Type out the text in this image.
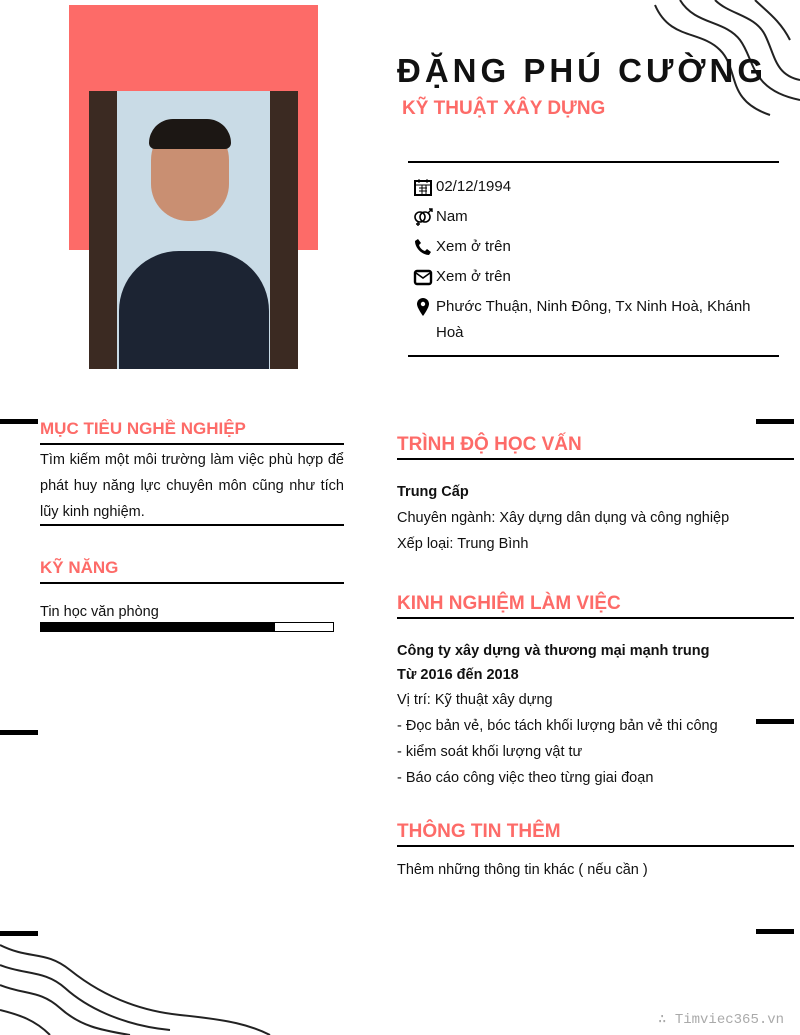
ĐẶNG PHÚ CƯỜNG
KỸ THUẬT XÂY DỰNG
02/12/1994
Nam
Xem ở trên
Xem ở trên
Phước Thuận, Ninh Đông, Tx Ninh Hoà, Khánh Hoà
MỤC TIÊU NGHỀ NGHIỆP
Tìm kiếm một môi trường làm việc phù hợp để phát huy năng lực chuyên môn cũng như tích lũy kinh nghiệm.
KỸ NĂNG
Tin học văn phòng
TRÌNH ĐỘ HỌC VẤN
Trung Cấp
Chuyên ngành: Xây dựng dân dụng và công nghiệp
Xếp loại: Trung Bình
KINH NGHIỆM LÀM VIỆC
Công ty xây dựng và thương mại mạnh trung
Từ 2016 đến 2018
Vị trí: Kỹ thuật xây dựng
- Đọc bản vẻ, bóc tách khối lượng bản vẻ thi công
- kiểm soát khối lượng vật tư
- Báo cáo công việc theo từng giai đoạn
THÔNG TIN THÊM
Thêm những thông tin khác ( nếu cần )
∴ Timviec365.vn
